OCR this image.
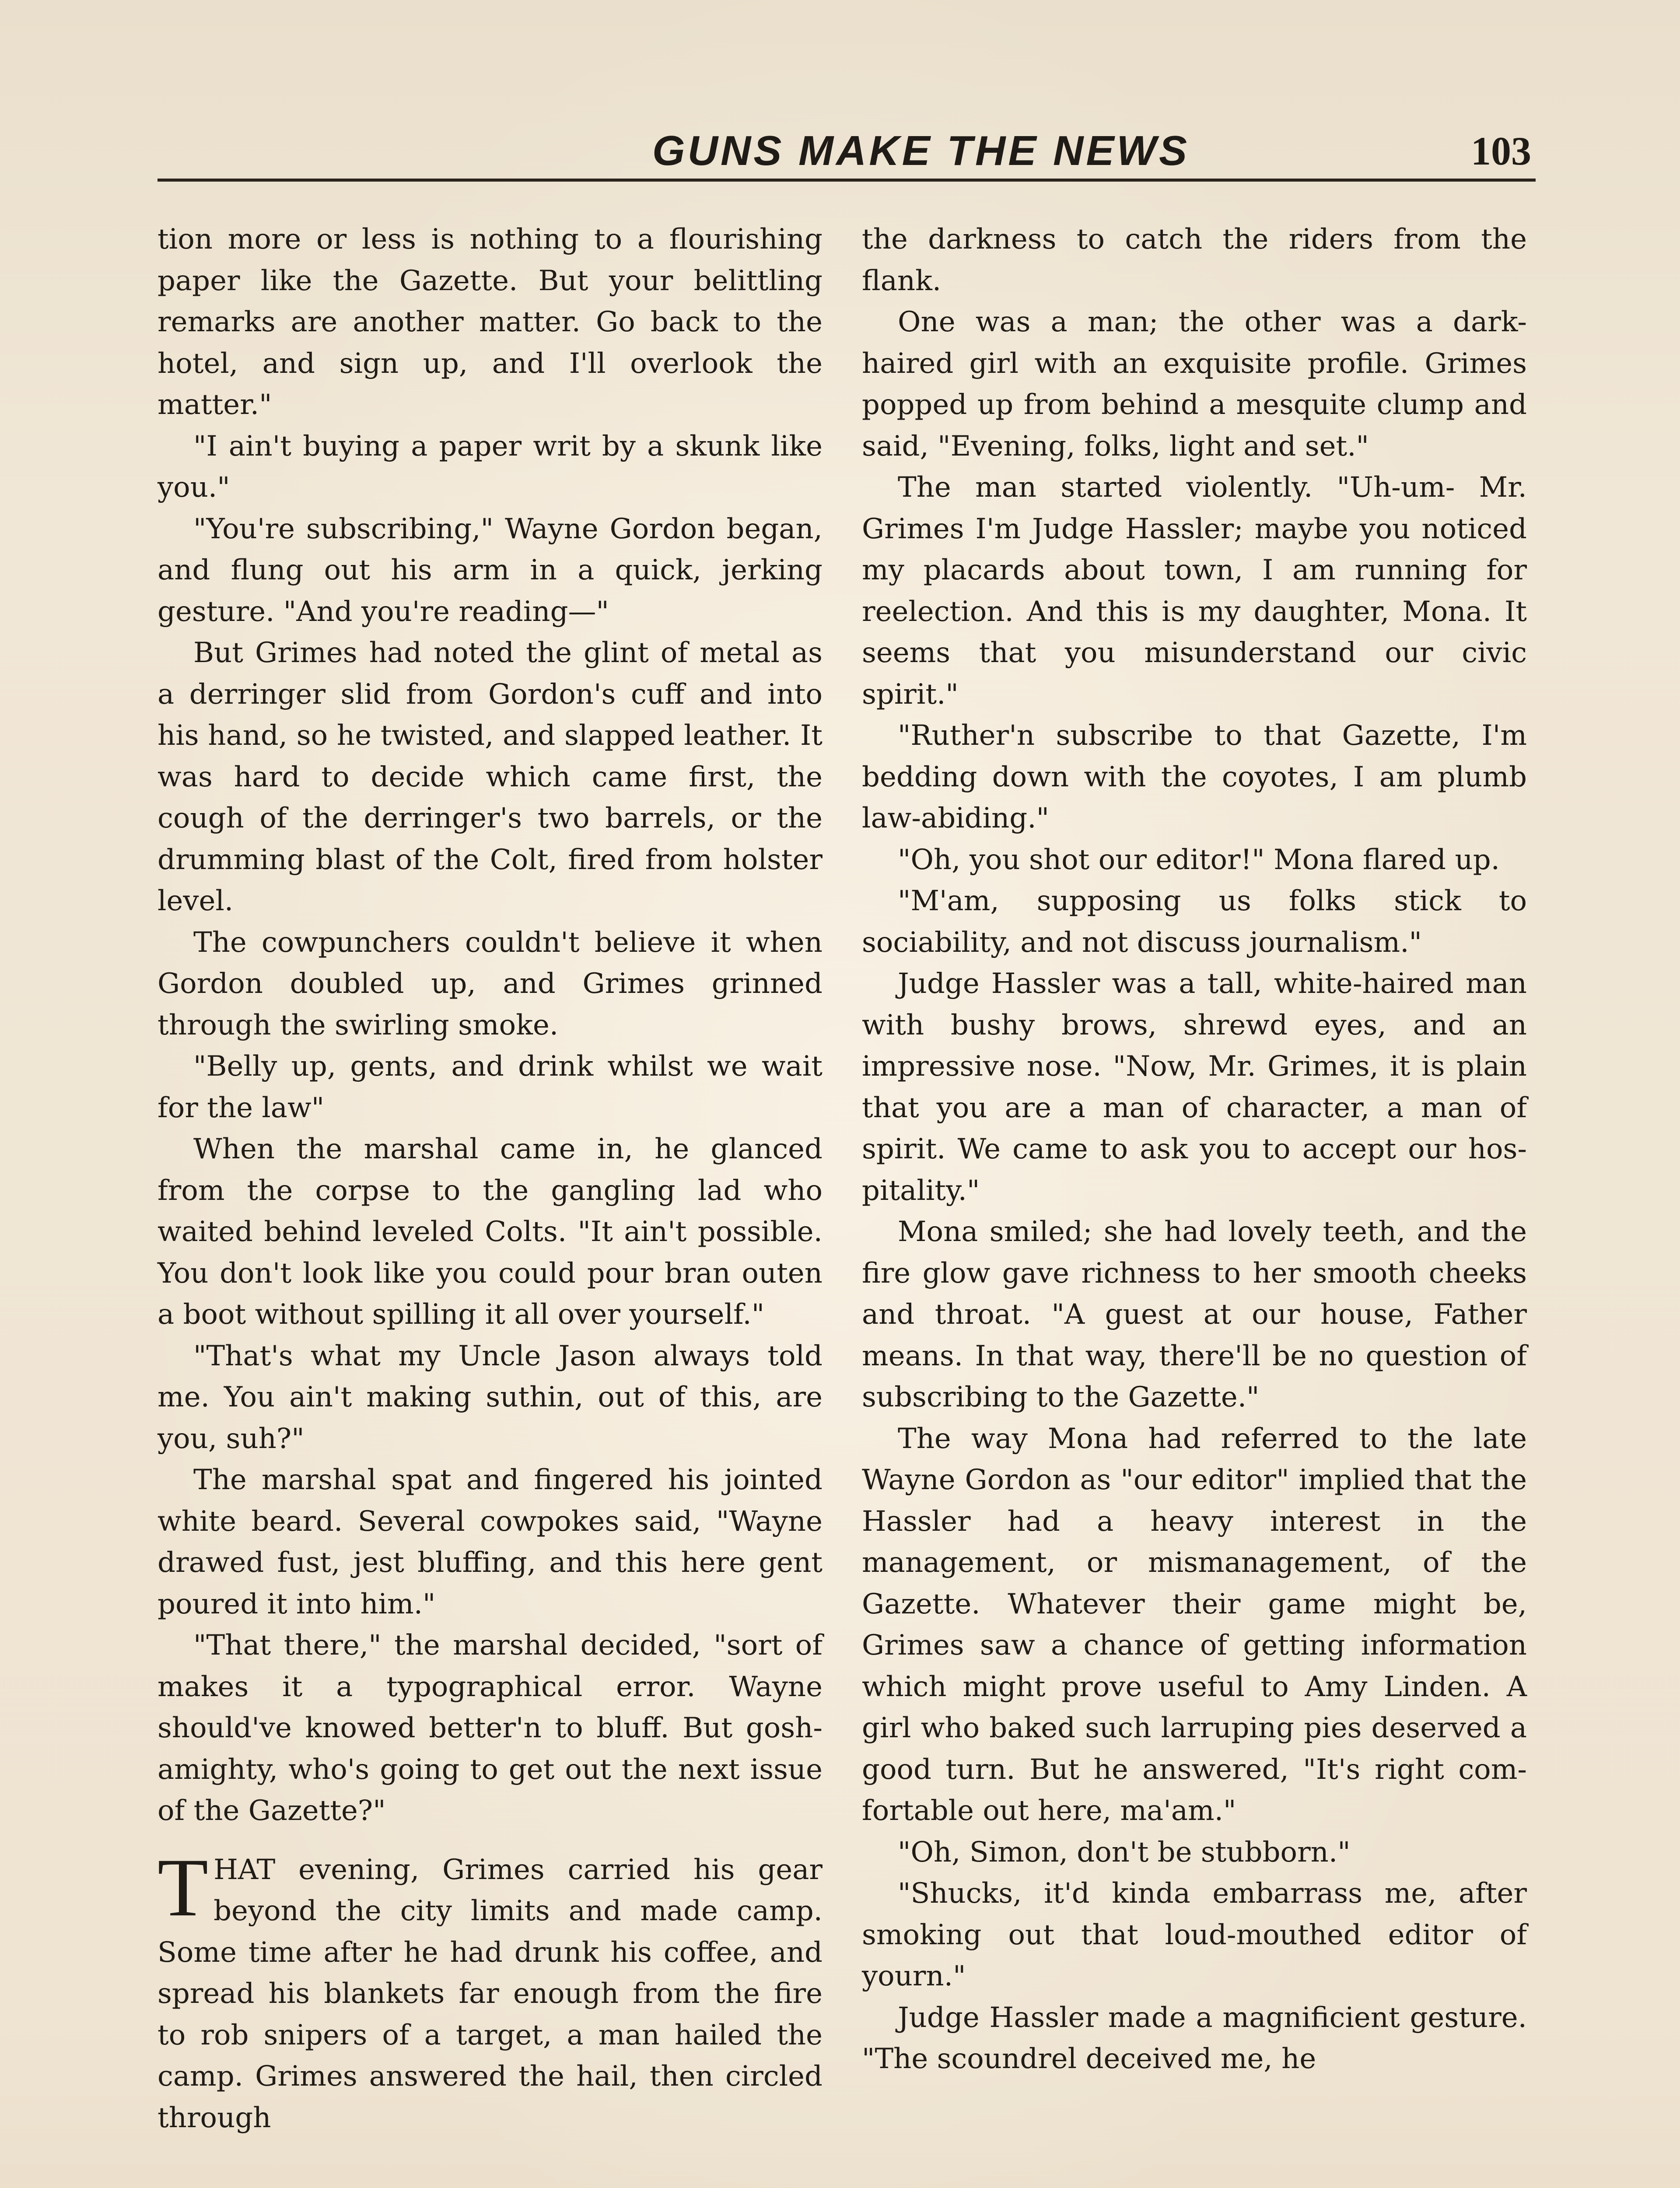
GUNS MAKE THE NEWS	103

tion more or less is nothing to a flourishing paper like the Gazette. But your belittling remarks are another matter. Go back to the hotel, and sign up, and I'll overlook the matter."

"I ain't buying a paper writ by a skunk like you."

"You're subscribing," Wayne Gordon began, and flung out his arm in a quick, jerking gesture. "And you're reading—"

But Grimes had noted the glint of metal as a derringer slid from Gordon's cuff and into his hand, so he twisted, and slapped leather. It was hard to decide which came first, the cough of the derringer's two barrels, or the drumming blast of the Colt, fired from holster level.

The cowpunchers couldn't believe it when Gordon doubled up, and Grimes grinned through the swirling smoke.

"Belly up, gents, and drink whilst we wait for the law"

When the marshal came in, he glanced from the corpse to the gangling lad who waited behind leveled Colts. "It ain't possible. You don't look like you could pour bran outen a boot without spilling it all over yourself."

"That's what my Uncle Jason always told me. You ain't making suthin, out of this, are you, suh?"

The marshal spat and fingered his jointed white beard. Several cowpokes said, "Wayne drawed fust, jest bluffing, and this here gent poured it into him."

"That there," the marshal decided, "sort of makes it a typographical error. Wayne should've knowed better'n to bluff. But gosh-amighty, who's going to get out the next issue of the Gazette?"

THAT evening, Grimes carried his gear beyond the city limits and made camp. Some time after he had drunk his coffee, and spread his blankets far enough from the fire to rob snipers of a target, a man hailed the camp. Grimes answered the hail, then circled through

the darkness to catch the riders from the flank.

One was a man; the other was a dark-haired girl with an exquisite profile. Grimes popped up from behind a mesquite clump and said, "Evening, folks, light and set."

The man started violently. "Uh-um- Mr. Grimes I'm Judge Hassler; maybe you noticed my placards about town, I am running for reelection. And this is my daughter, Mona. It seems that you misunderstand our civic spirit."

"Ruther'n subscribe to that Gazette, I'm bedding down with the coyotes, I am plumb law-abiding."

"Oh, you shot our editor!" Mona flared up.

"M'am, supposing us folks stick to sociability, and not discuss journalism."

Judge Hassler was a tall, white-haired man with bushy brows, shrewd eyes, and an impressive nose. "Now, Mr. Grimes, it is plain that you are a man of character, a man of spirit. We came to ask you to accept our hospitality."

Mona smiled; she had lovely teeth, and the fire glow gave richness to her smooth cheeks and throat. "A guest at our house, Father means. In that way, there'll be no question of subscribing to the Gazette."

The way Mona had referred to the late Wayne Gordon as "our editor" implied that the Hassler had a heavy interest in the management, or mismanagement, of the Gazette. Whatever their game might be, Grimes saw a chance of getting information which might prove useful to Amy Linden. A girl who baked such larruping pies deserved a good turn. But he answered, "It's right comfortable out here, ma'am."

"Oh, Simon, don't be stubborn."

"Shucks, it'd kinda embarrass me, after smoking out that loud-mouthed editor of yourn."

Judge Hassler made a magnificient gesture. "The scoundrel deceived me, he
